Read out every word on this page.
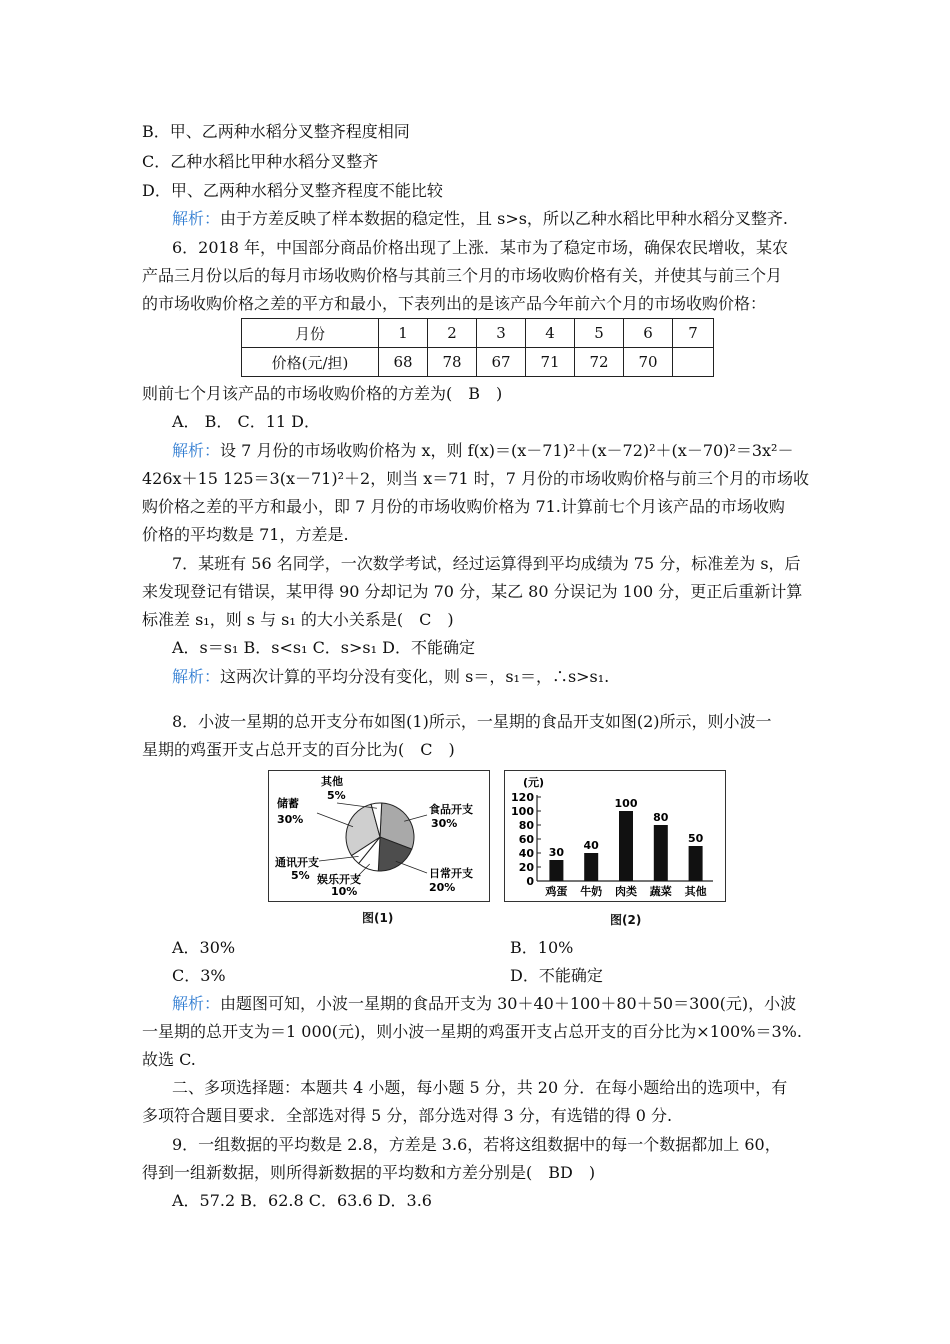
B．甲、乙两种水稻分叉整齐程度相同
C．乙种水稻比甲种水稻分叉整齐
D．甲、乙两种水稻分叉整齐程度不能比较
解析：由于方差反映了样本数据的稳定性，且 s>s，所以乙种水稻比甲种水稻分叉整齐.
6．2018 年，中国部分商品价格出现了上涨．某市为了稳定市场，确保农民增收，某农
产品三月份以后的每月市场收购价格与其前三个月的市场收购价格有关，并使其与前三个月
的市场收购价格之差的平方和最小，下表列出的是该产品今年前六个月的市场收购价格：
月份	1	2	3	4	5	6	7
价格(元/担)	68	78	67	71	72	70	
则前七个月该产品的市场收购价格的方差为(　B　)
A． B． C．11 D．
解析：设 7 月份的市场收购价格为 x，则 f(x)＝(x－71)²＋(x－72)²＋(x－70)²＝3x²－
426x＋15 125＝3(x－71)²＋2，则当 x＝71 时，7 月份的市场收购价格与前三个月的市场收
购价格之差的平方和最小，即 7 月份的市场收购价格为 71.计算前七个月该产品的市场收购
价格的平均数是 71，方差是.
7．某班有 56 名同学，一次数学考试，经过运算得到平均成绩为 75 分，标准差为 s，后
来发现登记有错误，某甲得 90 分却记为 70 分，某乙 80 分误记为 100 分，更正后重新计算
标准差 s₁，则 s 与 s₁ 的大小关系是(　C　)
A．s＝s₁ B．s<s₁ C．s>s₁ D．不能确定
解析：这两次计算的平均分没有变化，则 s＝，s₁＝，∴s>s₁.
8．小波一星期的总开支分布如图(1)所示，一星期的食品开支如图(2)所示，则小波一
星期的鸡蛋开支占总开支的百分比为(　C　)
食品开支
30%
日常开支
20%
娱乐开支
10%
通讯开支
5%
储蓄
30%
其他
5%
图(1)
(元)
0
20
40
60
80
100
120
30
鸡蛋
40
牛奶
100
肉类
80
蔬菜
50
其他
图(2)
A．30%	B．10%
C．3%	D．不能确定
解析：由题图可知，小波一星期的食品开支为 30＋40＋100＋80＋50＝300(元)，小波
一星期的总开支为＝1 000(元)，则小波一星期的鸡蛋开支占总开支的百分比为×100%＝3%.
故选 C.
二、多项选择题：本题共 4 小题，每小题 5 分，共 20 分．在每小题给出的选项中，有
多项符合题目要求．全部选对得 5 分，部分选对得 3 分，有选错的得 0 分.
9．一组数据的平均数是 2.8，方差是 3.6，若将这组数据中的每一个数据都加上 60，
得到一组新数据，则所得新数据的平均数和方差分别是(　BD　)
A．57.2 B．62.8 C．63.6 D．3.6
